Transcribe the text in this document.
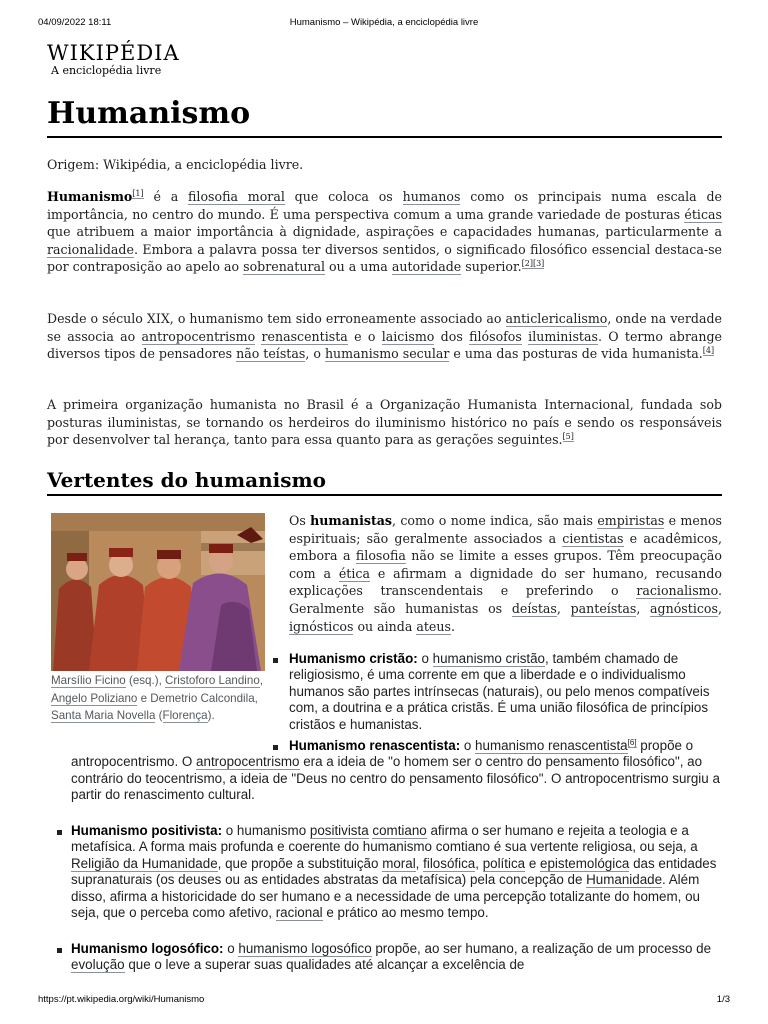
04/09/2022 18:11	Humanismo – Wikipédia, a enciclopédia livre
WIKIPÉDIA
A enciclopédia livre
Humanismo
Origem: Wikipédia, a enciclopédia livre.

Humanismo[1] é a filosofia moral que coloca os humanos como os principais numa escala de importância, no centro do mundo. É uma perspectiva comum a uma grande variedade de posturas éticas que atribuem a maior importância à dignidade, aspirações e capacidades humanas, particularmente a racionalidade. Embora a palavra possa ter diversos sentidos, o significado filosófico essencial destaca-se por contraposição ao apelo ao sobrenatural ou a uma autoridade superior.[2][3]

Desde o século XIX, o humanismo tem sido erroneamente associado ao anticlericalismo, onde na verdade se associa ao antropocentrismo renascentista e o laicismo dos filósofos iluministas. O termo abrange diversos tipos de pensadores não teístas, o humanismo secular e uma das posturas de vida humanista.[4]

A primeira organização humanista no Brasil é a Organização Humanista Internacional, fundada sob posturas iluministas, se tornando os herdeiros do iluminismo histórico no país e sendo os responsáveis por desenvolver tal herança, tanto para essa quanto para as gerações seguintes.[5]

Vertentes do humanismo
Marsílio Ficino (esq.), Cristoforo Landino, Angelo Poliziano e Demetrio Calcondila, Santa Maria Novella (Florença).

Os humanistas, como o nome indica, são mais empiristas e menos espirituais; são geralmente associados a cientistas e acadêmicos, embora a filosofia não se limite a esses grupos. Têm preocupação com a ética e afirmam a dignidade do ser humano, recusando explicações transcendentais e preferindo o racionalismo. Geralmente são humanistas os deístas, panteístas, agnósticos, ignósticos ou ainda ateus.

Humanismo cristão: o humanismo cristão, também chamado de religiosismo, é uma corrente em que a liberdade e o individualismo humanos são partes intrínsecas (naturais), ou pelo menos compatíveis com, a doutrina e a prática cristãs. É uma união filosófica de princípios cristãos e humanistas.
Humanismo renascentista: o humanismo renascentista[6] propõe o antropocentrismo. O antropocentrismo era a ideia de "o homem ser o centro do pensamento filosófico", ao contrário do teocentrismo, a ideia de "Deus no centro do pensamento filosófico". O antropocentrismo surgiu a partir do renascimento cultural.
Humanismo positivista: o humanismo positivista comtiano afirma o ser humano e rejeita a teologia e a metafísica. A forma mais profunda e coerente do humanismo comtiano é sua vertente religiosa, ou seja, a Religião da Humanidade, que propõe a substituição moral, filosófica, política e epistemológica das entidades supranaturais (os deuses ou as entidades abstratas da metafísica) pela concepção de Humanidade. Além disso, afirma a historicidade do ser humano e a necessidade de uma percepção totalizante do homem, ou seja, que o perceba como afetivo, racional e prático ao mesmo tempo.
Humanismo logosófico: o humanismo logosófico propõe, ao ser humano, a realização de um processo de evolução que o leve a superar suas qualidades até alcançar a excelência de
https://pt.wikipedia.org/wiki/Humanismo	1/3
